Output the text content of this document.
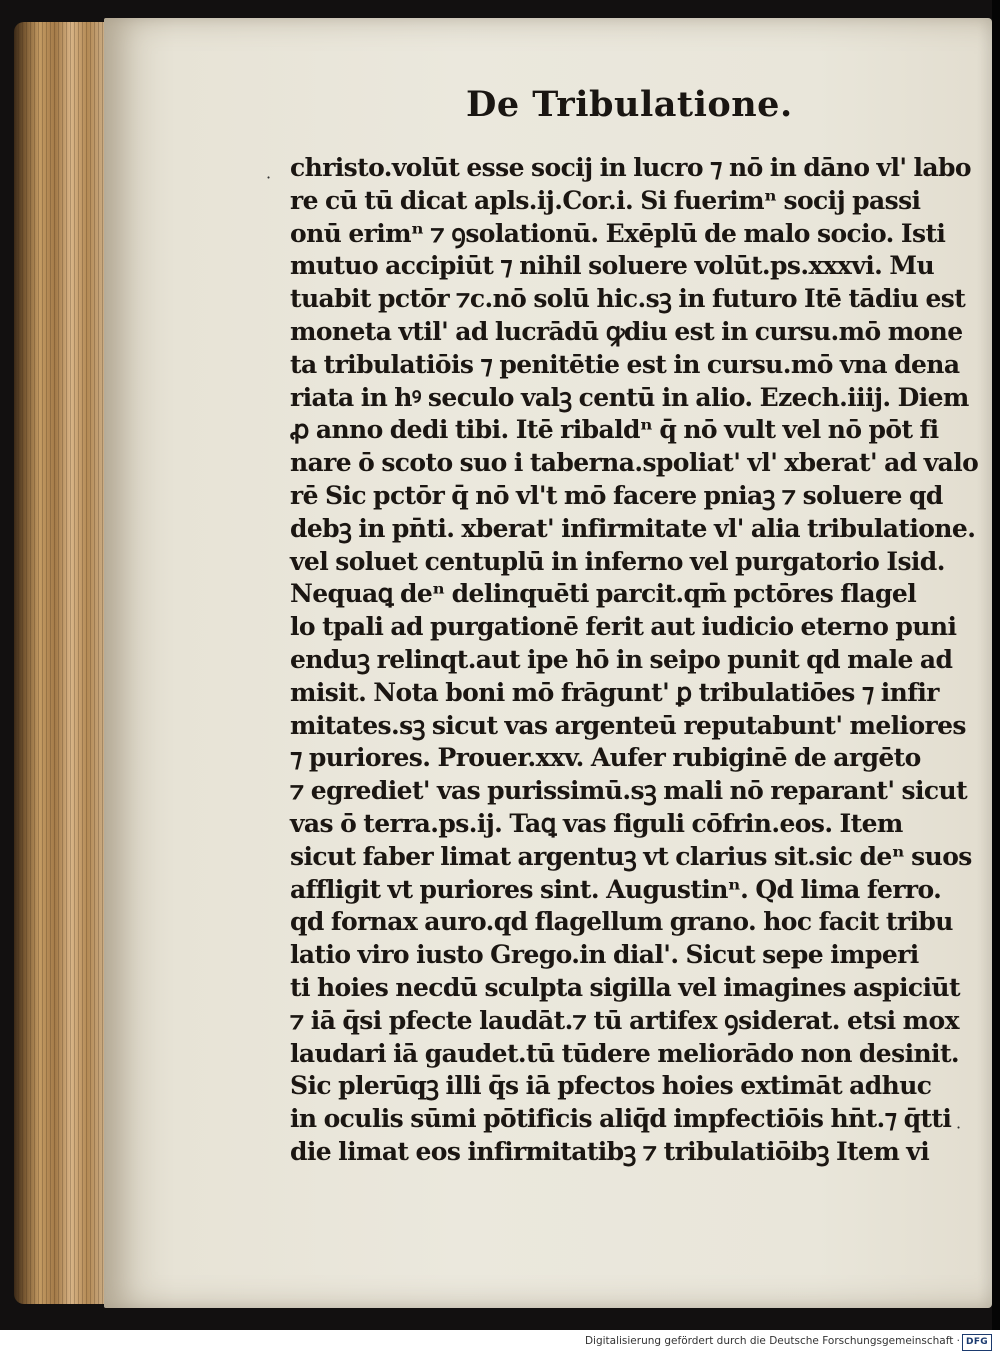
De Tribulatione.
·
·
christo.volūt esse socij in lucro ⁊ nō in dāno vl' labo
re cū tū dicat apls.ij.Cor.i. Si fuerimⁿ socij passi
onū erimⁿ ⁊ ꝯsolationū. Exēplū de malo socio. Isti
mutuo accipiūt ⁊ nihil soluere volūt.ps.xxxvi. Mu
tuabit pctōr ⁊c.nō solū hic.sꝫ in futuro Itē tādiu est
moneta vtil' ad lucrādū ꝙdiu est in cursu.mō mone
ta tribulatiōis ⁊ penitētie est in cursu.mō vna dena
riata in hꝰ seculo valꝫ centū in alio. Ezech.iiij. Diem
ꝓ anno dedi tibi. Itē ribaldⁿ q̄ nō vult vel nō pōt fi
nare ō scoto suo i taberna.spoliat' vl' xberat' ad valo
rē Sic pctōr q̄ nō vl't mō facere pniaꝫ ⁊ soluere qd
debꝫ in pn̄ti. xberat' infirmitate vl' alia tribulatione.
vel soluet centuplū in inferno vel purgatorio Isid.
Nequaꝗ deⁿ delinquēti parcit.qm̄ pctōres flagel
lo tpali ad purgationē ferit aut iudicio eterno puni
enduꝫ relinqt.aut ipe hō in seipo punit qd male ad
misit. Nota boni mō frāgunt' ꝑ tribulatiōes ⁊ infir
mitates.sꝫ sicut vas argenteū reputabunt' meliores
⁊ puriores. Prouer.xxv. Aufer rubiginē de argēto
⁊ egrediet' vas purissimū.sꝫ mali nō reparant' sicut
vas ō terra.ps.ij. Taꝗ vas figuli cōfrin.eos. Item
sicut faber limat argentuꝫ vt clarius sit.sic deⁿ suos
affligit vt puriores sint. Augustinⁿ. Qd lima ferro.
qd fornax auro.qd flagellum grano. hoc facit tribu
latio viro iusto Grego.in dial'. Sicut sepe imperi
ti hoies necdū sculpta sigilla vel imagines aspiciūt
⁊ iā q̄si pfecte laudāt.⁊ tū artifex ꝯsiderat. etsi mox
laudari iā gaudet.tū tūdere meliorādo non desinit.
Sic plerūqꝫ illi q̄s iā pfectos hoies extimāt adhuc
in oculis sūmi pōtificis aliq̄d impfectiōis hn̄t.⁊ q̄tti
die limat eos infirmitatibꝫ ⁊ tribulatiōibꝫ Item vi
Digitalisierung gefördert durch die Deutsche Forschungsgemeinschaft · DFG
